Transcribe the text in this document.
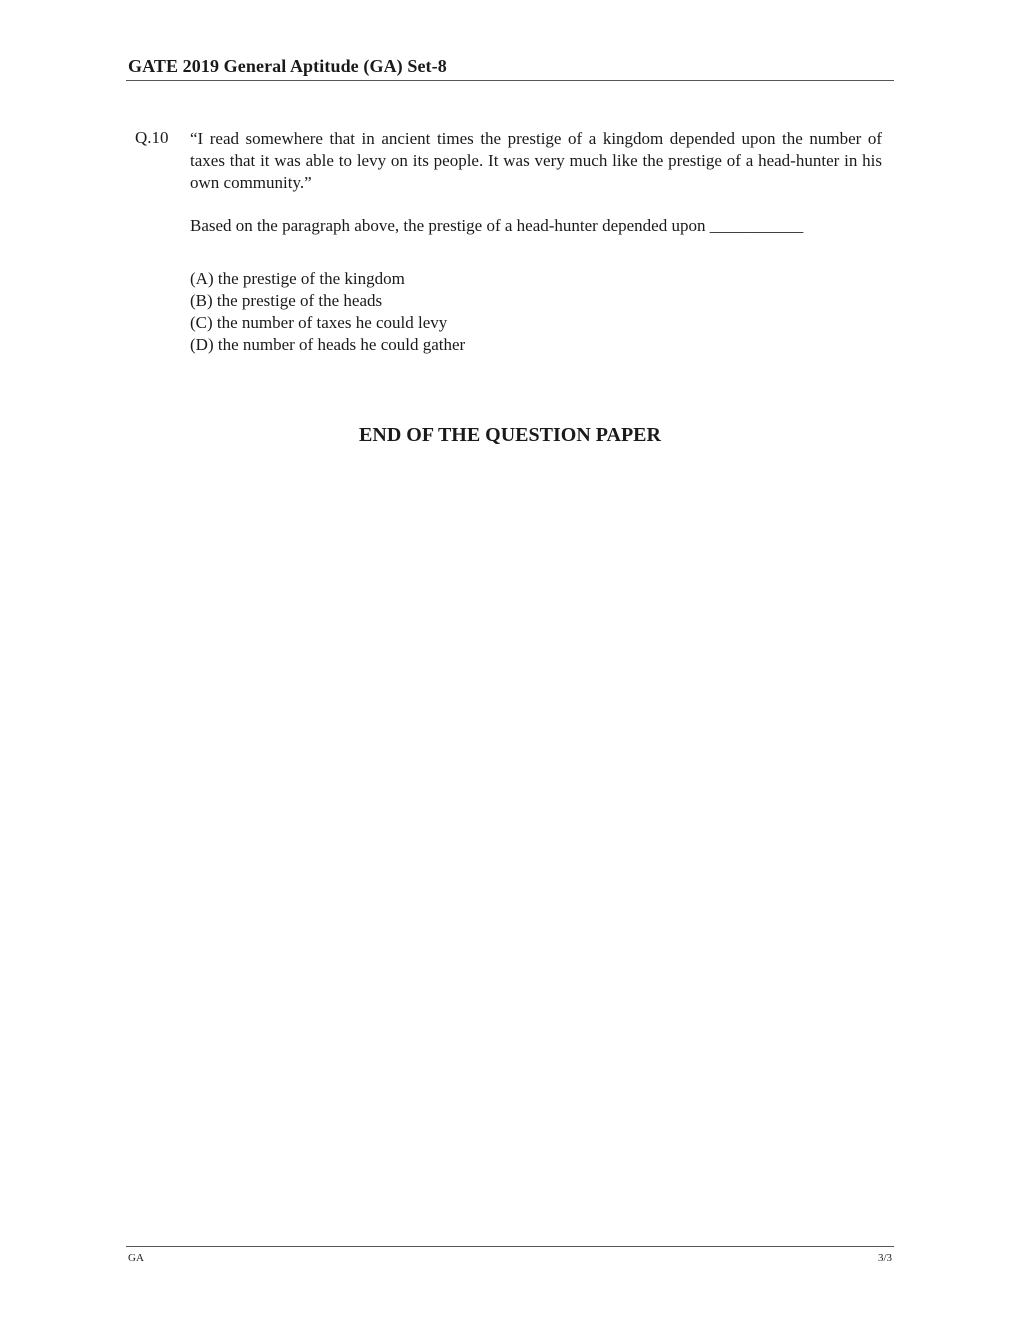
GATE 2019 General Aptitude (GA) Set-8
Q.10 “I read somewhere that in ancient times the prestige of a kingdom depended upon the number of taxes that it was able to levy on its people. It was very much like the prestige of a head-hunter in his own community.”

Based on the paragraph above, the prestige of a head-hunter depended upon ___________

(A) the prestige of the kingdom
(B) the prestige of the heads
(C) the number of taxes he could levy
(D) the number of heads he could gather
END OF THE QUESTION PAPER
GA	3/3
